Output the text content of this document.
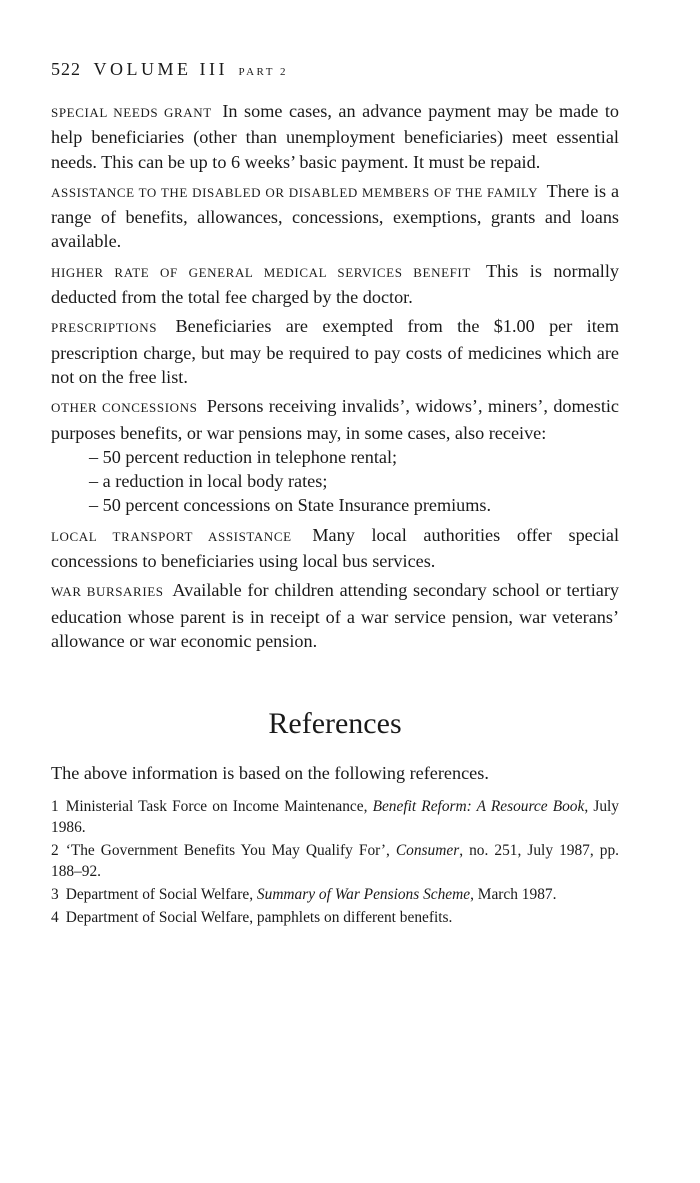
522 VOLUME III PART 2

SPECIAL NEEDS GRANT In some cases, an advance payment may be made to help beneficiaries (other than unemployment beneficiaries) meet essential needs. This can be up to 6 weeks’ basic payment. It must be repaid.

ASSISTANCE TO THE DISABLED OR DISABLED MEMBERS OF THE FAMILY There is a range of benefits, allowances, concessions, exemptions, grants and loans available.

HIGHER RATE OF GENERAL MEDICAL SERVICES BENEFIT This is normally deducted from the total fee charged by the doctor.

PRESCRIPTIONS Beneficiaries are exempted from the $1.00 per item prescription charge, but may be required to pay costs of medicines which are not on the free list.

OTHER CONCESSIONS Persons receiving invalids’, widows’, miners’, domestic purposes benefits, or war pensions may, in some cases, also receive:

– 50 percent reduction in telephone rental;
– a reduction in local body rates;
– 50 percent concessions on State Insurance premiums.

LOCAL TRANSPORT ASSISTANCE Many local authorities offer special concessions to beneficiaries using local bus services.

WAR BURSARIES Available for children attending secondary school or tertiary education whose parent is in receipt of a war service pension, war veterans’ allowance or war economic pension.

References

The above information is based on the following references.

1 Ministerial Task Force on Income Maintenance, Benefit Reform: A Resource Book, July 1986.

2 ‘The Government Benefits You May Qualify For’, Consumer, no. 251, July 1987, pp. 188–92.

3 Department of Social Welfare, Summary of War Pensions Scheme, March 1987.

4 Department of Social Welfare, pamphlets on different benefits.
